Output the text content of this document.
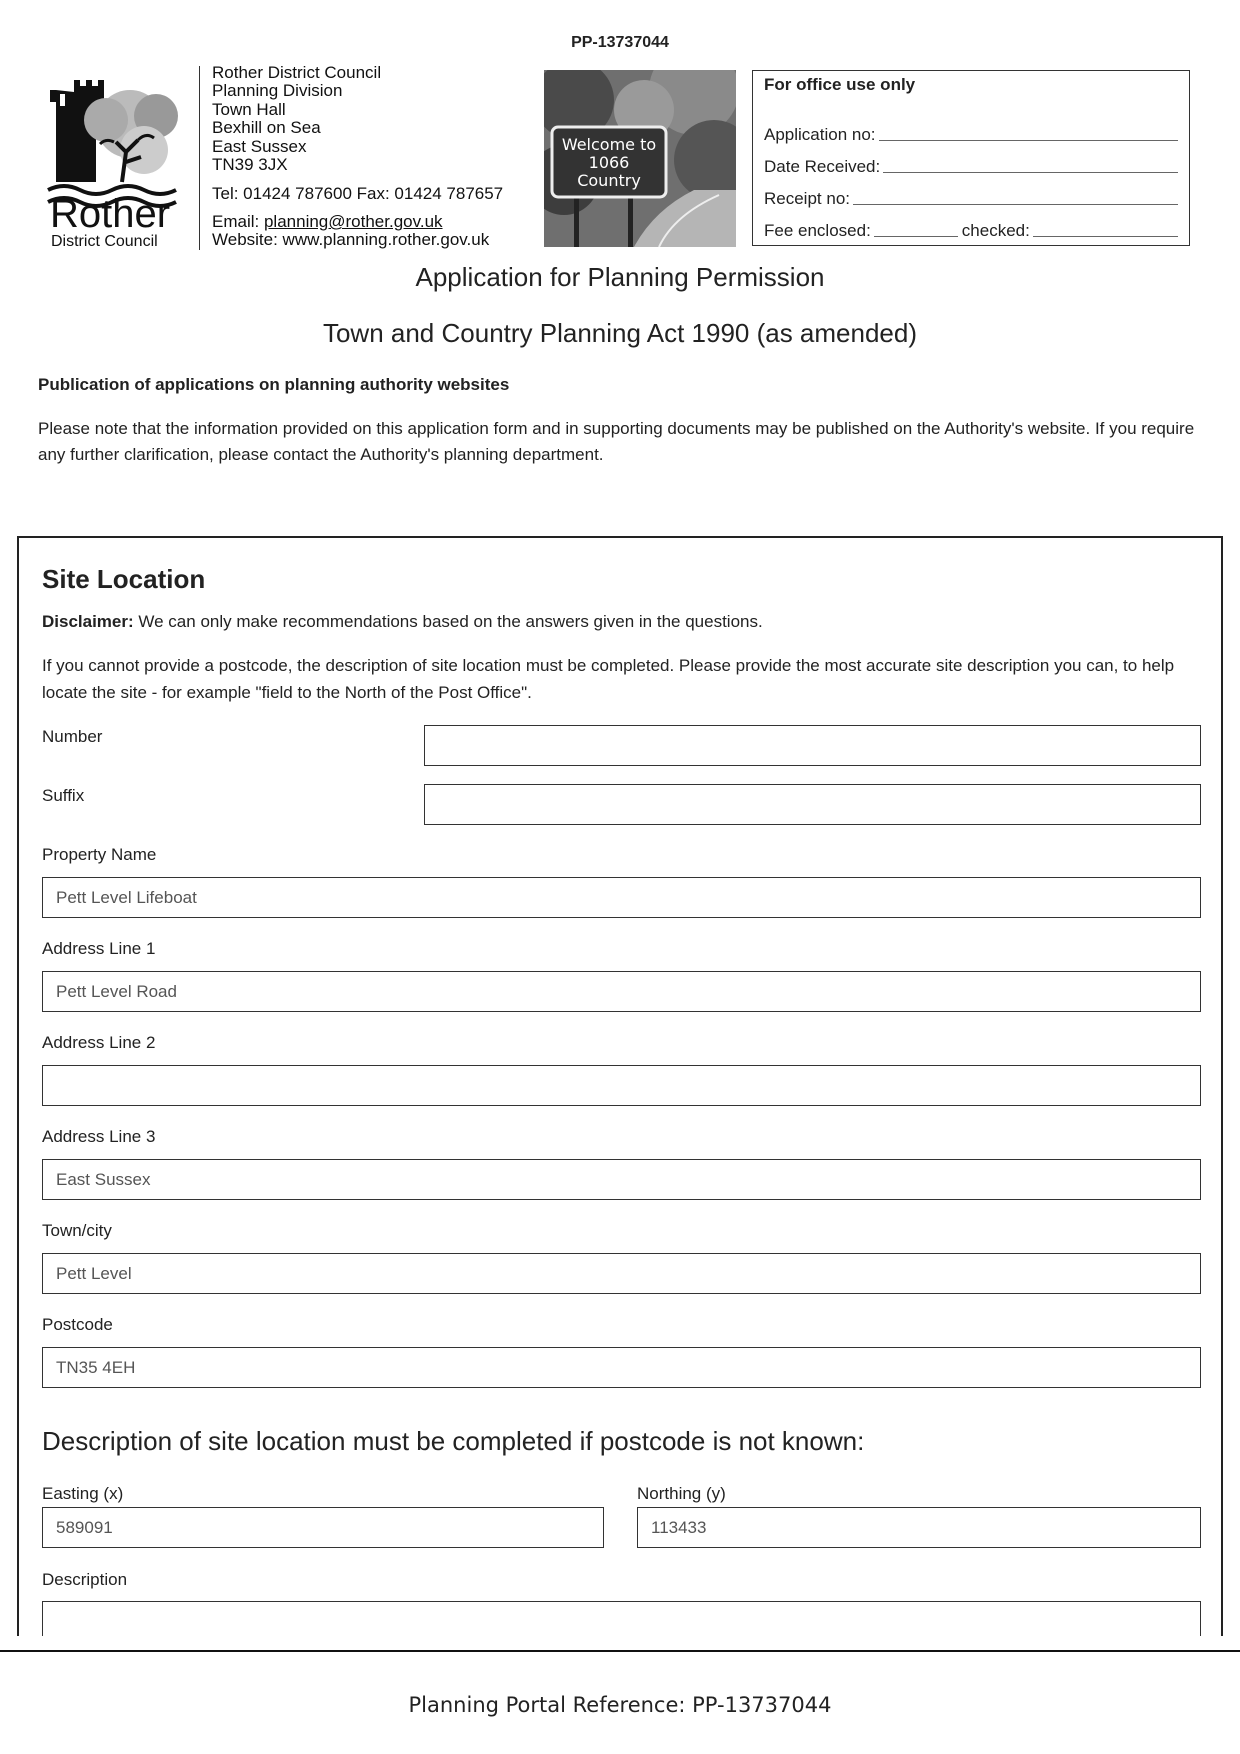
PP-13737044
Rother
District Council
Rother District Council
Planning Division
Town Hall
Bexhill on Sea
East Sussex
TN39 3JX
Tel: 01424 787600 Fax: 01424 787657
Email: planning@rother.gov.uk
Website: www.planning.rother.gov.uk
Welcome to
1066
Country
For office use only
Application no:
Date Received:
Receipt no:
Fee enclosed:	checked:
Application for Planning Permission
Town and Country Planning Act 1990 (as amended)
Publication of applications on planning authority websites
Please note that the information provided on this application form and in supporting documents may be published on the Authority's website. If you require any further clarification, please contact the Authority's planning department.
Site Location
Disclaimer: We can only make recommendations based on the answers given in the questions.
If you cannot provide a postcode, the description of site location must be completed. Please provide the most accurate site description you can, to help locate the site - for example "field to the North of the Post Office".
Number
Suffix
Property Name
Pett Level Lifeboat
Address Line 1
Pett Level Road
Address Line 2
Address Line 3
East Sussex
Town/city
Pett Level
Postcode
TN35 4EH
Description of site location must be completed if postcode is not known:
Easting (x)
589091
Northing (y)
113433
Description
Planning Portal Reference: PP-13737044
